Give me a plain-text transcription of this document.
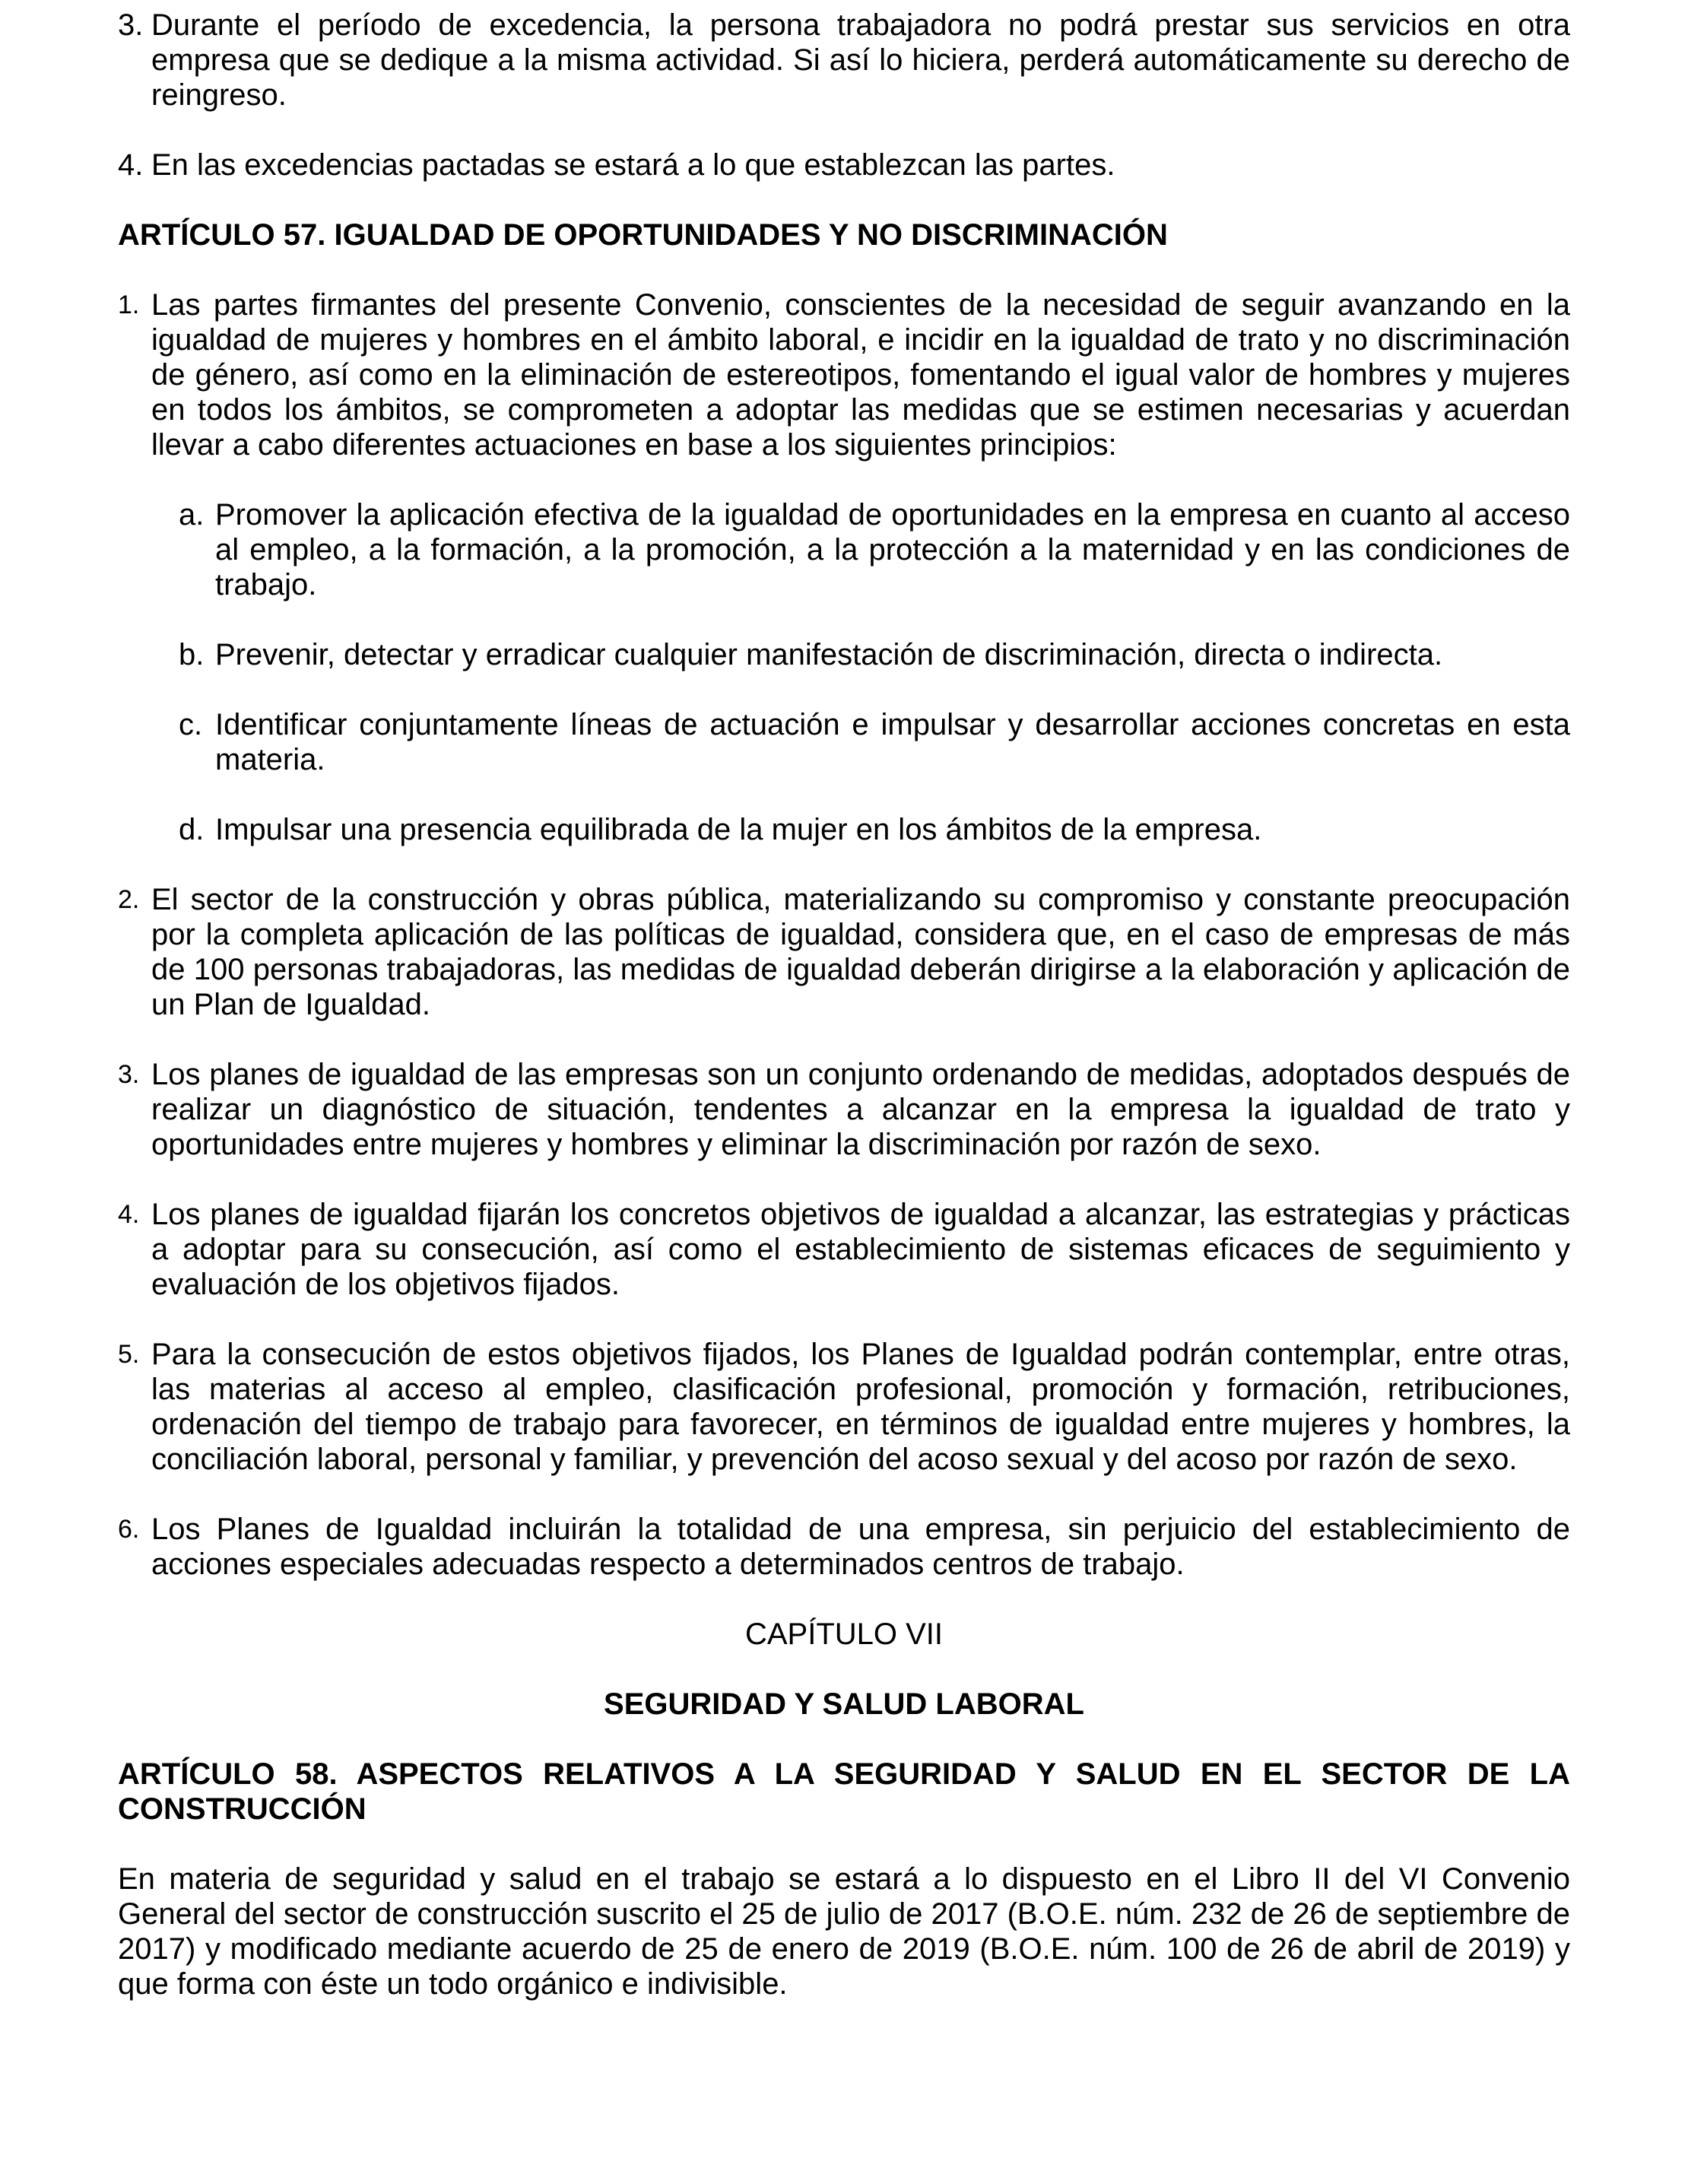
3. Durante el período de excedencia, la persona trabajadora no podrá prestar sus servicios en otra empresa que se dedique a la misma actividad. Si así lo hiciera, perderá automáticamente su derecho de reingreso.
4. En las excedencias pactadas se estará a lo que establezcan las partes.
ARTÍCULO 57. IGUALDAD DE OPORTUNIDADES Y NO DISCRIMINACIÓN
1. Las partes firmantes del presente Convenio, conscientes de la necesidad de seguir avanzando en la igualdad de mujeres y hombres en el ámbito laboral, e incidir en la igualdad de trato y no discriminación de género, así como en la eliminación de estereotipos, fomentando el igual valor de hombres y mujeres en todos los ámbitos, se comprometen a adoptar las medidas que se estimen necesarias y acuerdan llevar a cabo diferentes actuaciones en base a los siguientes principios:
a. Promover la aplicación efectiva de la igualdad de oportunidades en la empresa en cuanto al acceso al empleo, a la formación, a la promoción, a la protección a la maternidad y en las condiciones de trabajo.
b. Prevenir, detectar y erradicar cualquier manifestación de discriminación, directa o indirecta.
c. Identificar conjuntamente líneas de actuación e impulsar y desarrollar acciones concretas en esta materia.
d. Impulsar una presencia equilibrada de la mujer en los ámbitos de la empresa.
2. El sector de la construcción y obras pública, materializando su compromiso y constante preocupación por la completa aplicación de las políticas de igualdad, considera que, en el caso de empresas de más de 100 personas trabajadoras, las medidas de igualdad deberán dirigirse a la elaboración y aplicación de un Plan de Igualdad.
3. Los planes de igualdad de las empresas son un conjunto ordenando de medidas, adoptados después de realizar un diagnóstico de situación, tendentes a alcanzar en la empresa la igualdad de trato y oportunidades entre mujeres y hombres y eliminar la discriminación por razón de sexo.
4. Los planes de igualdad fijarán los concretos objetivos de igualdad a alcanzar, las estrategias y prácticas a adoptar para su consecución, así como el establecimiento de sistemas eficaces de seguimiento y evaluación de los objetivos fijados.
5. Para la consecución de estos objetivos fijados, los Planes de Igualdad podrán contemplar, entre otras, las materias al acceso al empleo, clasificación profesional, promoción y formación, retribuciones, ordenación del tiempo de trabajo para favorecer, en términos de igualdad entre mujeres y hombres, la conciliación laboral, personal y familiar, y prevención del acoso sexual y del acoso por razón de sexo.
6. Los Planes de Igualdad incluirán la totalidad de una empresa, sin perjuicio del establecimiento de acciones especiales adecuadas respecto a determinados centros de trabajo.
CAPÍTULO VII
SEGURIDAD Y SALUD LABORAL
ARTÍCULO 58. ASPECTOS RELATIVOS A LA SEGURIDAD Y SALUD EN EL SECTOR DE LA CONSTRUCCIÓN
En materia de seguridad y salud en el trabajo se estará a lo dispuesto en el Libro II del VI Convenio General del sector de construcción suscrito el 25 de julio de 2017 (B.O.E. núm. 232 de 26 de septiembre de 2017) y modificado mediante acuerdo de 25 de enero de 2019 (B.O.E. núm. 100 de 26 de abril de 2019) y que forma con éste un todo orgánico e indivisible.
